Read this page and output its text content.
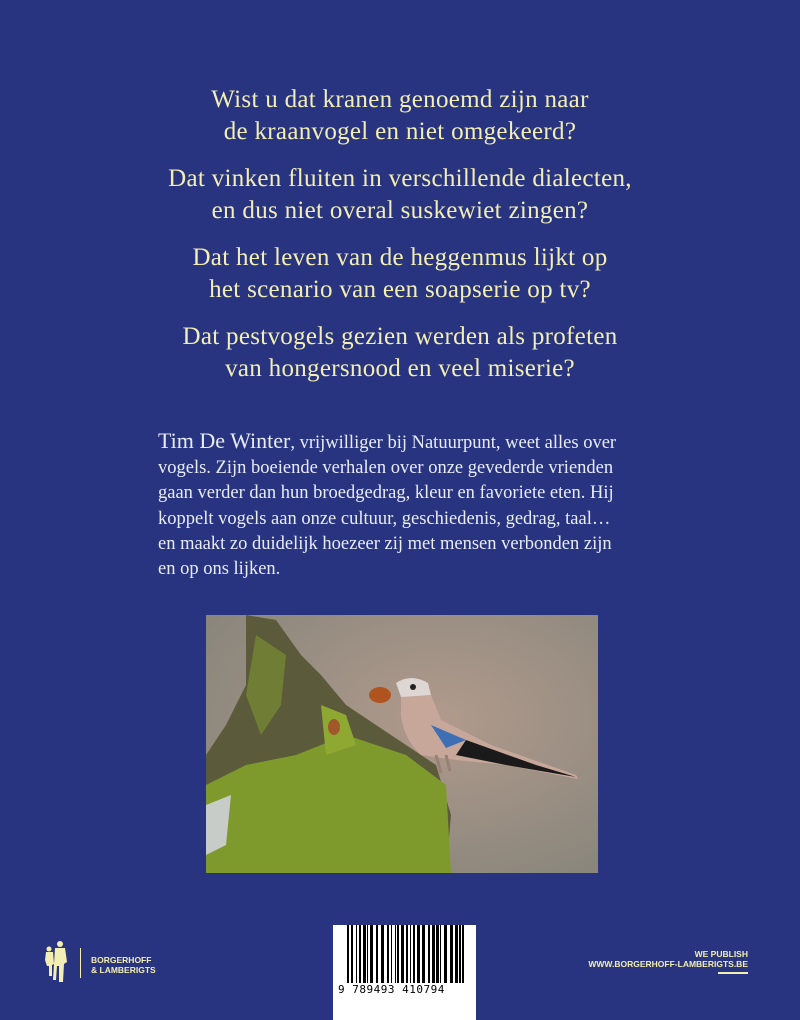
Wist u dat kranen genoemd zijn naar
de kraanvogel en niet omgekeerd?
Dat vinken fluiten in verschillende dialecten,
en dus niet overal suskewiet zingen?
Dat het leven van de heggenmus lijkt op
het scenario van een soapserie op tv?
Dat pestvogels gezien werden als profeten
van hongersnood en veel miserie?
Tim De Winter, vrijwilliger bij Natuurpunt, weet alles over
vogels. Zijn boeiende verhalen over onze gevederde vrienden
gaan verder dan hun broedgedrag, kleur en favoriete eten. Hij
koppelt vogels aan onze cultuur, geschiedenis, gedrag, taal…
en maakt zo duidelijk hoezeer zij met mensen verbonden zijn
en op ons lijken.
9 789493 410794
BORGERHOFF
& LAMBERIGTS
WE PUBLISH
WWW.BORGERHOFF-LAMBERIGTS.BE
